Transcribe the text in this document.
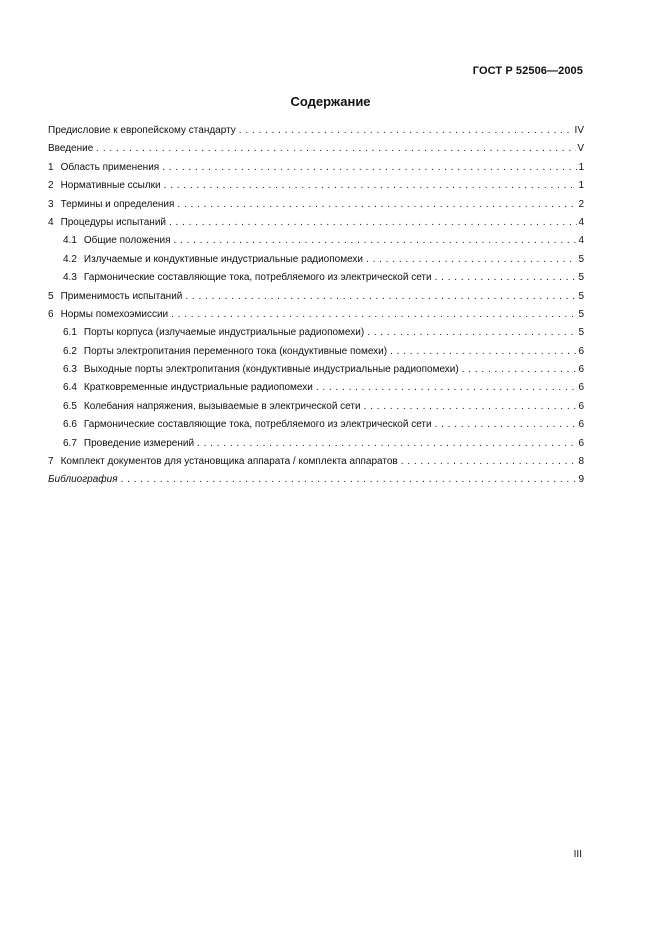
ГОСТ Р 52506—2005
Содержание
Предисловие к европейскому стандарту . . .	IV
Введение . . .	V
1 Область применения . . .	1
2 Нормативные ссылки . . .	1
3 Термины и определения . . .	2
4 Процедуры испытаний . . .	4
4.1 Общие положения . . .	4
4.2 Излучаемые и кондуктивные индустриальные радиопомехи . . .	5
4.3 Гармонические составляющие тока, потребляемого из электрической сети . . .	5
5 Применимость испытаний . . .	5
6 Нормы помехоэмиссии . . .	5
6.1 Порты корпуса (излучаемые индустриальные радиопомехи) . . .	5
6.2 Порты электропитания переменного тока (кондуктивные помехи) . . .	6
6.3 Выходные порты электропитания (кондуктивные индустриальные радиопомехи) . . .	6
6.4 Кратковременные индустриальные радиопомехи . . .	6
6.5 Колебания напряжения, вызываемые в электрической сети . . .	6
6.6 Гармонические составляющие тока, потребляемого из электрической сети . . .	6
6.7 Проведение измерений . . .	6
7 Комплект документов для установщика аппарата / комплекта аппаратов . . .	8
Библиография . . .	9
III
